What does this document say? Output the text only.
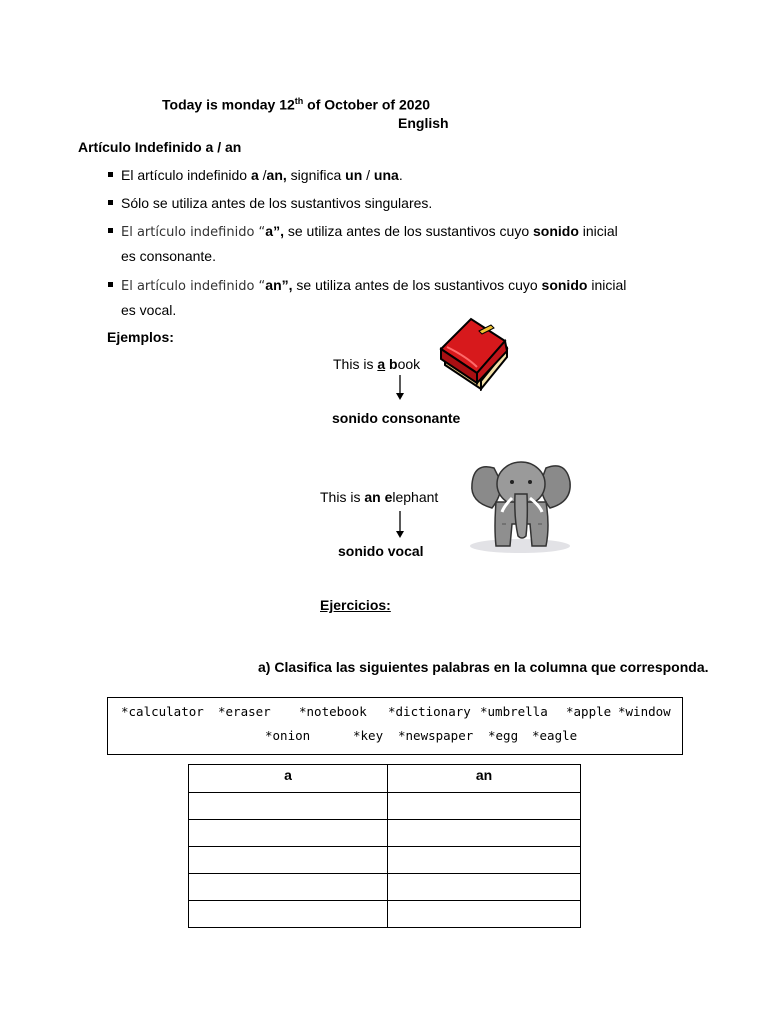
Today is monday 12th of October of 2020
English
Artículo Indefinido a / an
El artículo indefinido a /an, significa un / una.
Sólo se utiliza antes de los sustantivos singulares.
El artículo indefinido “a”, se utiliza antes de los sustantivos cuyo sonido inicial
es consonante.
El artículo indefinido “an”, se utiliza antes de los sustantivos cuyo sonido inicial
es vocal.
Ejemplos:
This is a book
sonido consonante
This is an elephant
sonido vocal
Ejercicios:
a) Clasifica las siguientes palabras en la columna que corresponda.
*calculator *eraser *notebook *dictionary *umbrella *apple *window
*onion	*key *newspaper *egg *eagle
a	an
